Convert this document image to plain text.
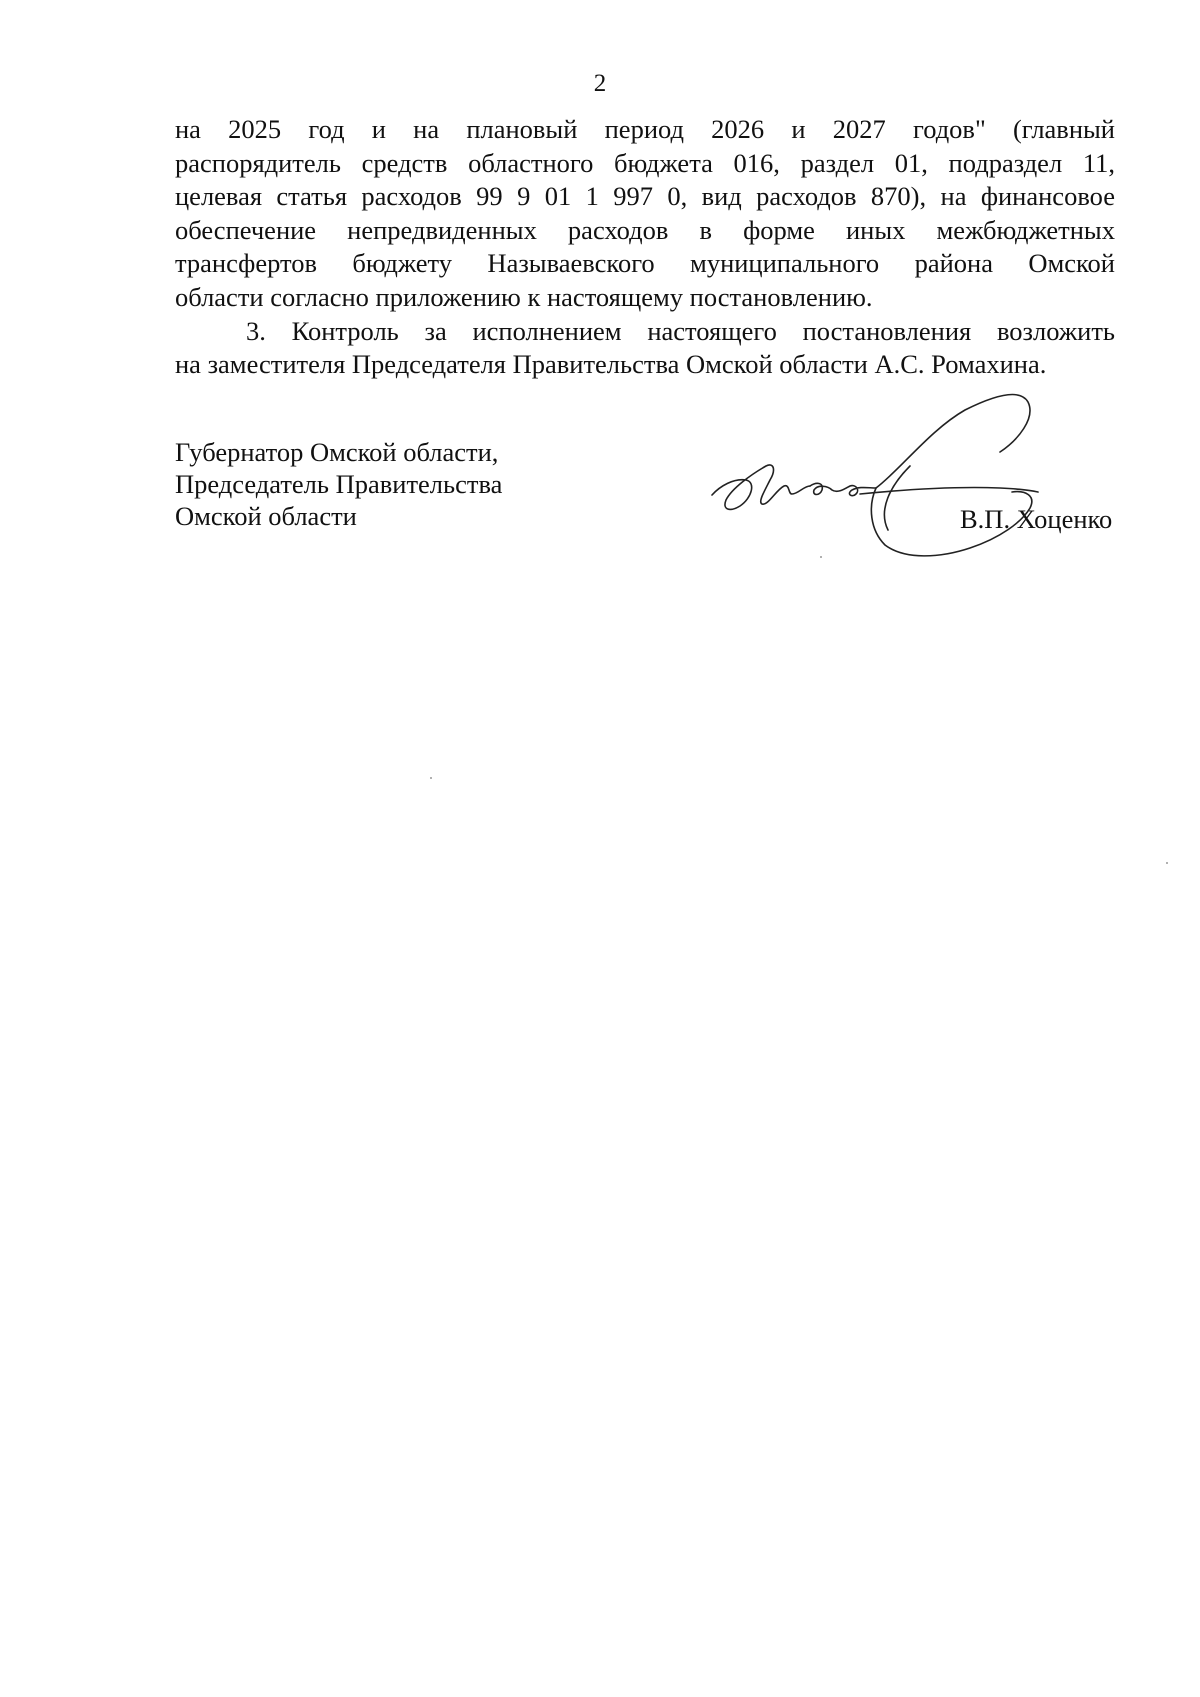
2
на 2025 год и на плановый период 2026 и 2027 годов" (главный
распорядитель средств областного бюджета 016, раздел 01, подраздел 11,
целевая статья расходов 99 9 01 1 997 0, вид расходов 870), на финансовое
обеспечение непредвиденных расходов в форме иных межбюджетных
трансфертов бюджету Называевского муниципального района Омской
области согласно приложению к настоящему постановлению.
3. Контроль за исполнением настоящего постановления возложить
на заместителя Председателя Правительства Омской области А.С. Ромахина.
Губернатор Омской области,
Председатель Правительства
Омской области	В.П. Хоценко
